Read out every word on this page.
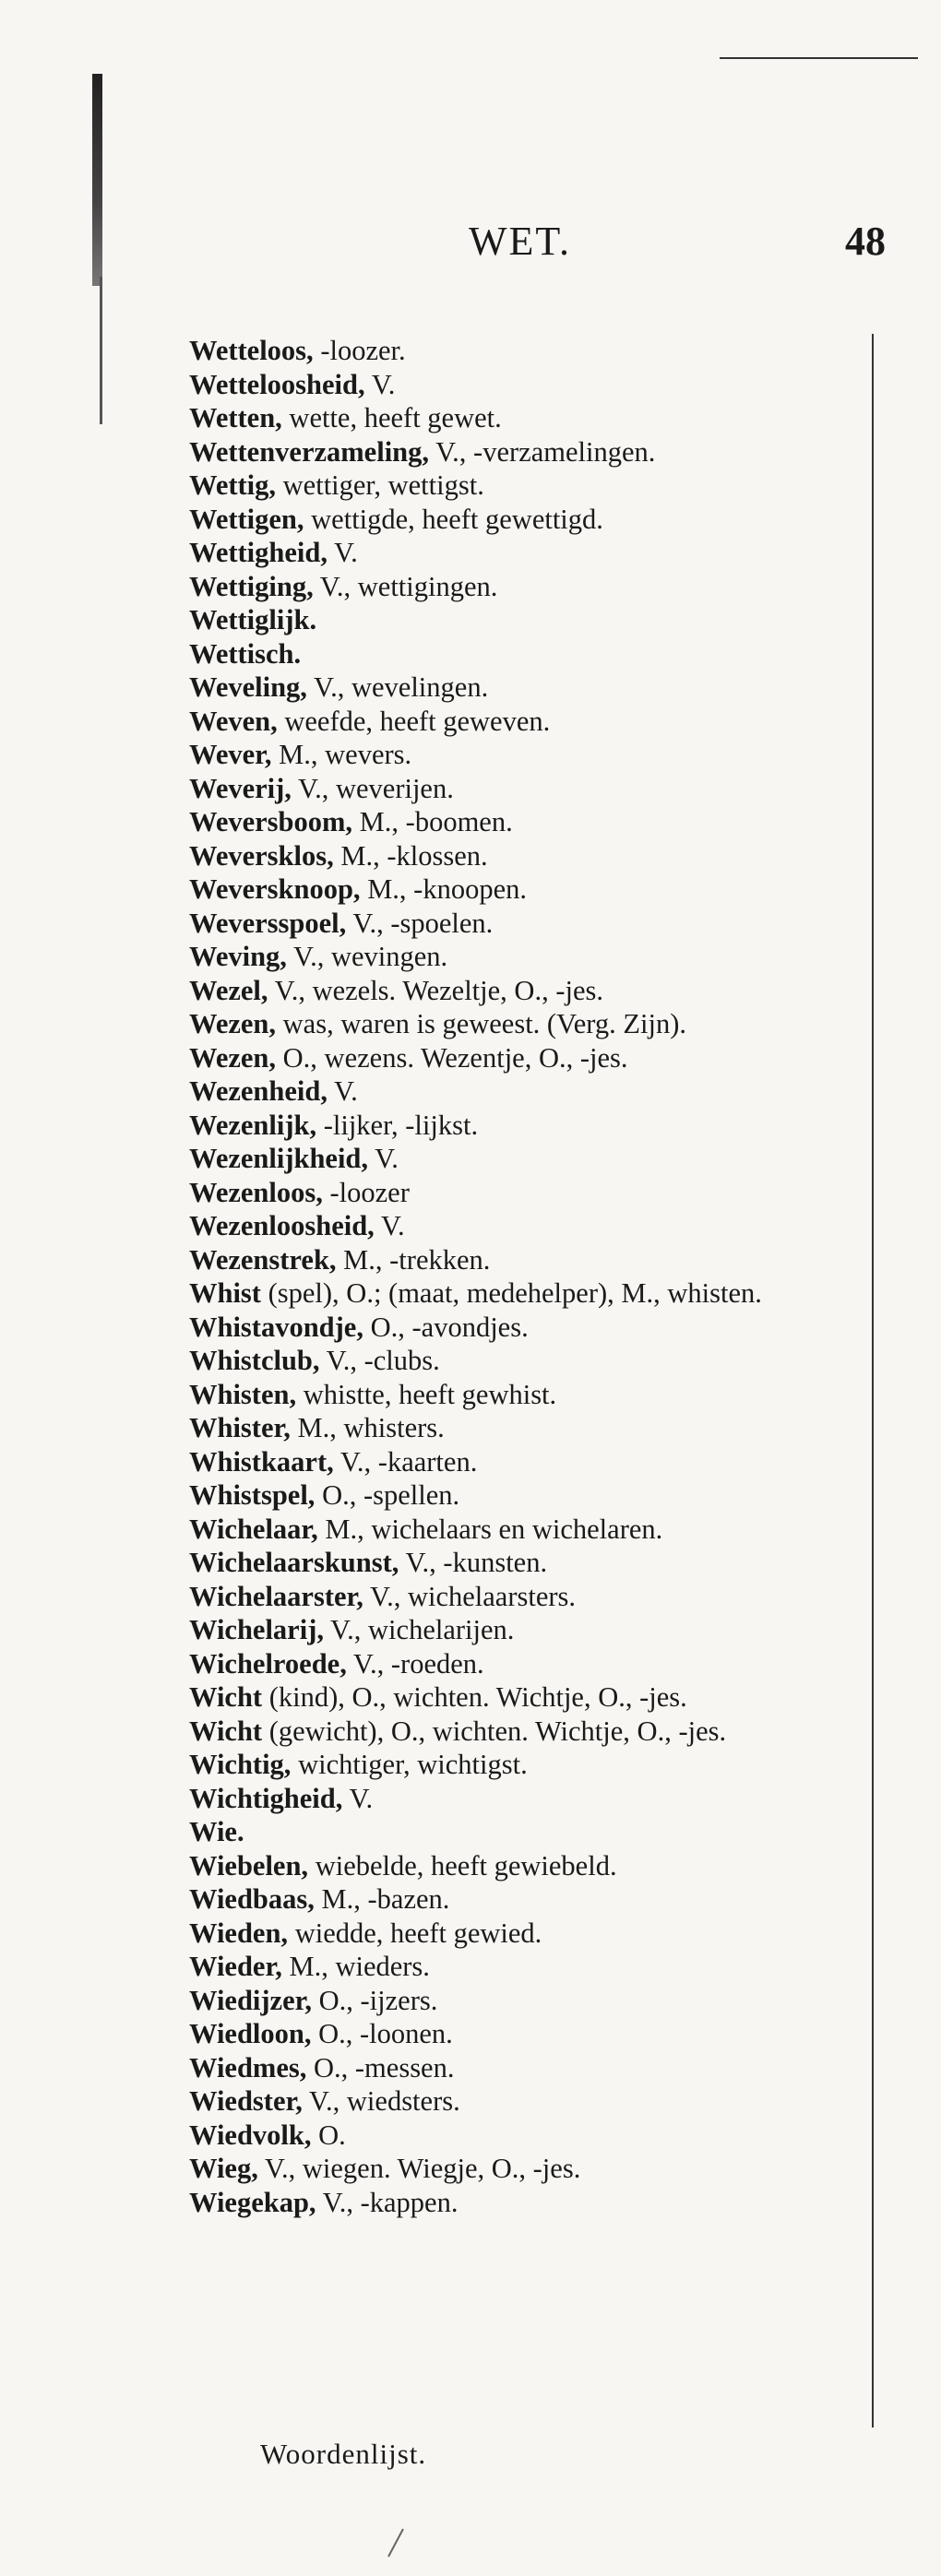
WET.	48
Wetteloos, -loozer.
Wetteloosheid, V.
Wetten, wette, heeft gewet.
Wettenverzameling, V., -verzamelingen.
Wettig, wettiger, wettigst.
Wettigen, wettigde, heeft gewettigd.
Wettigheid, V.
Wettiging, V., wettigingen.
Wettiglijk.
Wettisch.
Weveling, V., wevelingen.
Weven, weefde, heeft geweven.
Wever, M., wevers.
Weverij, V., weverijen.
Weversboom, M., -boomen.
Weversklos, M., -klossen.
Weversknoop, M., -knoopen.
Weversspoel, V., -spoelen.
Weving, V., wevingen.
Wezel, V., wezels. Wezeltje, O., -jes.
Wezen, was, waren is geweest. (Verg. Zijn).
Wezen, O., wezens. Wezentje, O., -jes.
Wezenheid, V.
Wezenlijk, -lijker, -lijkst.
Wezenlijkheid, V.
Wezenloos, -loozer
Wezenloosheid, V.
Wezenstrek, M., -trekken.
Whist (spel), O.; (maat, medehelper), M., whisten.
Whistavondje, O., -avondjes.
Whistclub, V., -clubs.
Whisten, whistte, heeft gewhist.
Whister, M., whisters.
Whistkaart, V., -kaarten.
Whistspel, O., -spellen.
Wichelaar, M., wichelaars en wichelaren.
Wichelaarskunst, V., -kunsten.
Wichelaarster, V., wichelaarsters.
Wichelarij, V., wichelarijen.
Wichelroede, V., -roeden.
Wicht (kind), O., wichten. Wichtje, O., -jes.
Wicht (gewicht), O., wichten. Wichtje, O., -jes.
Wichtig, wichtiger, wichtigst.
Wichtigheid, V.
Wie.
Wiebelen, wiebelde, heeft gewiebeld.
Wiedbaas, M., -bazen.
Wieden, wiedde, heeft gewied.
Wieder, M., wieders.
Wiedijzer, O., -ijzers.
Wiedloon, O., -loonen.
Wiedmes, O., -messen.
Wiedster, V., wiedsters.
Wiedvolk, O.
Wieg, V., wiegen. Wiegje, O., -jes.
Wiegekap, V., -kappen.
Woordenlijst.
